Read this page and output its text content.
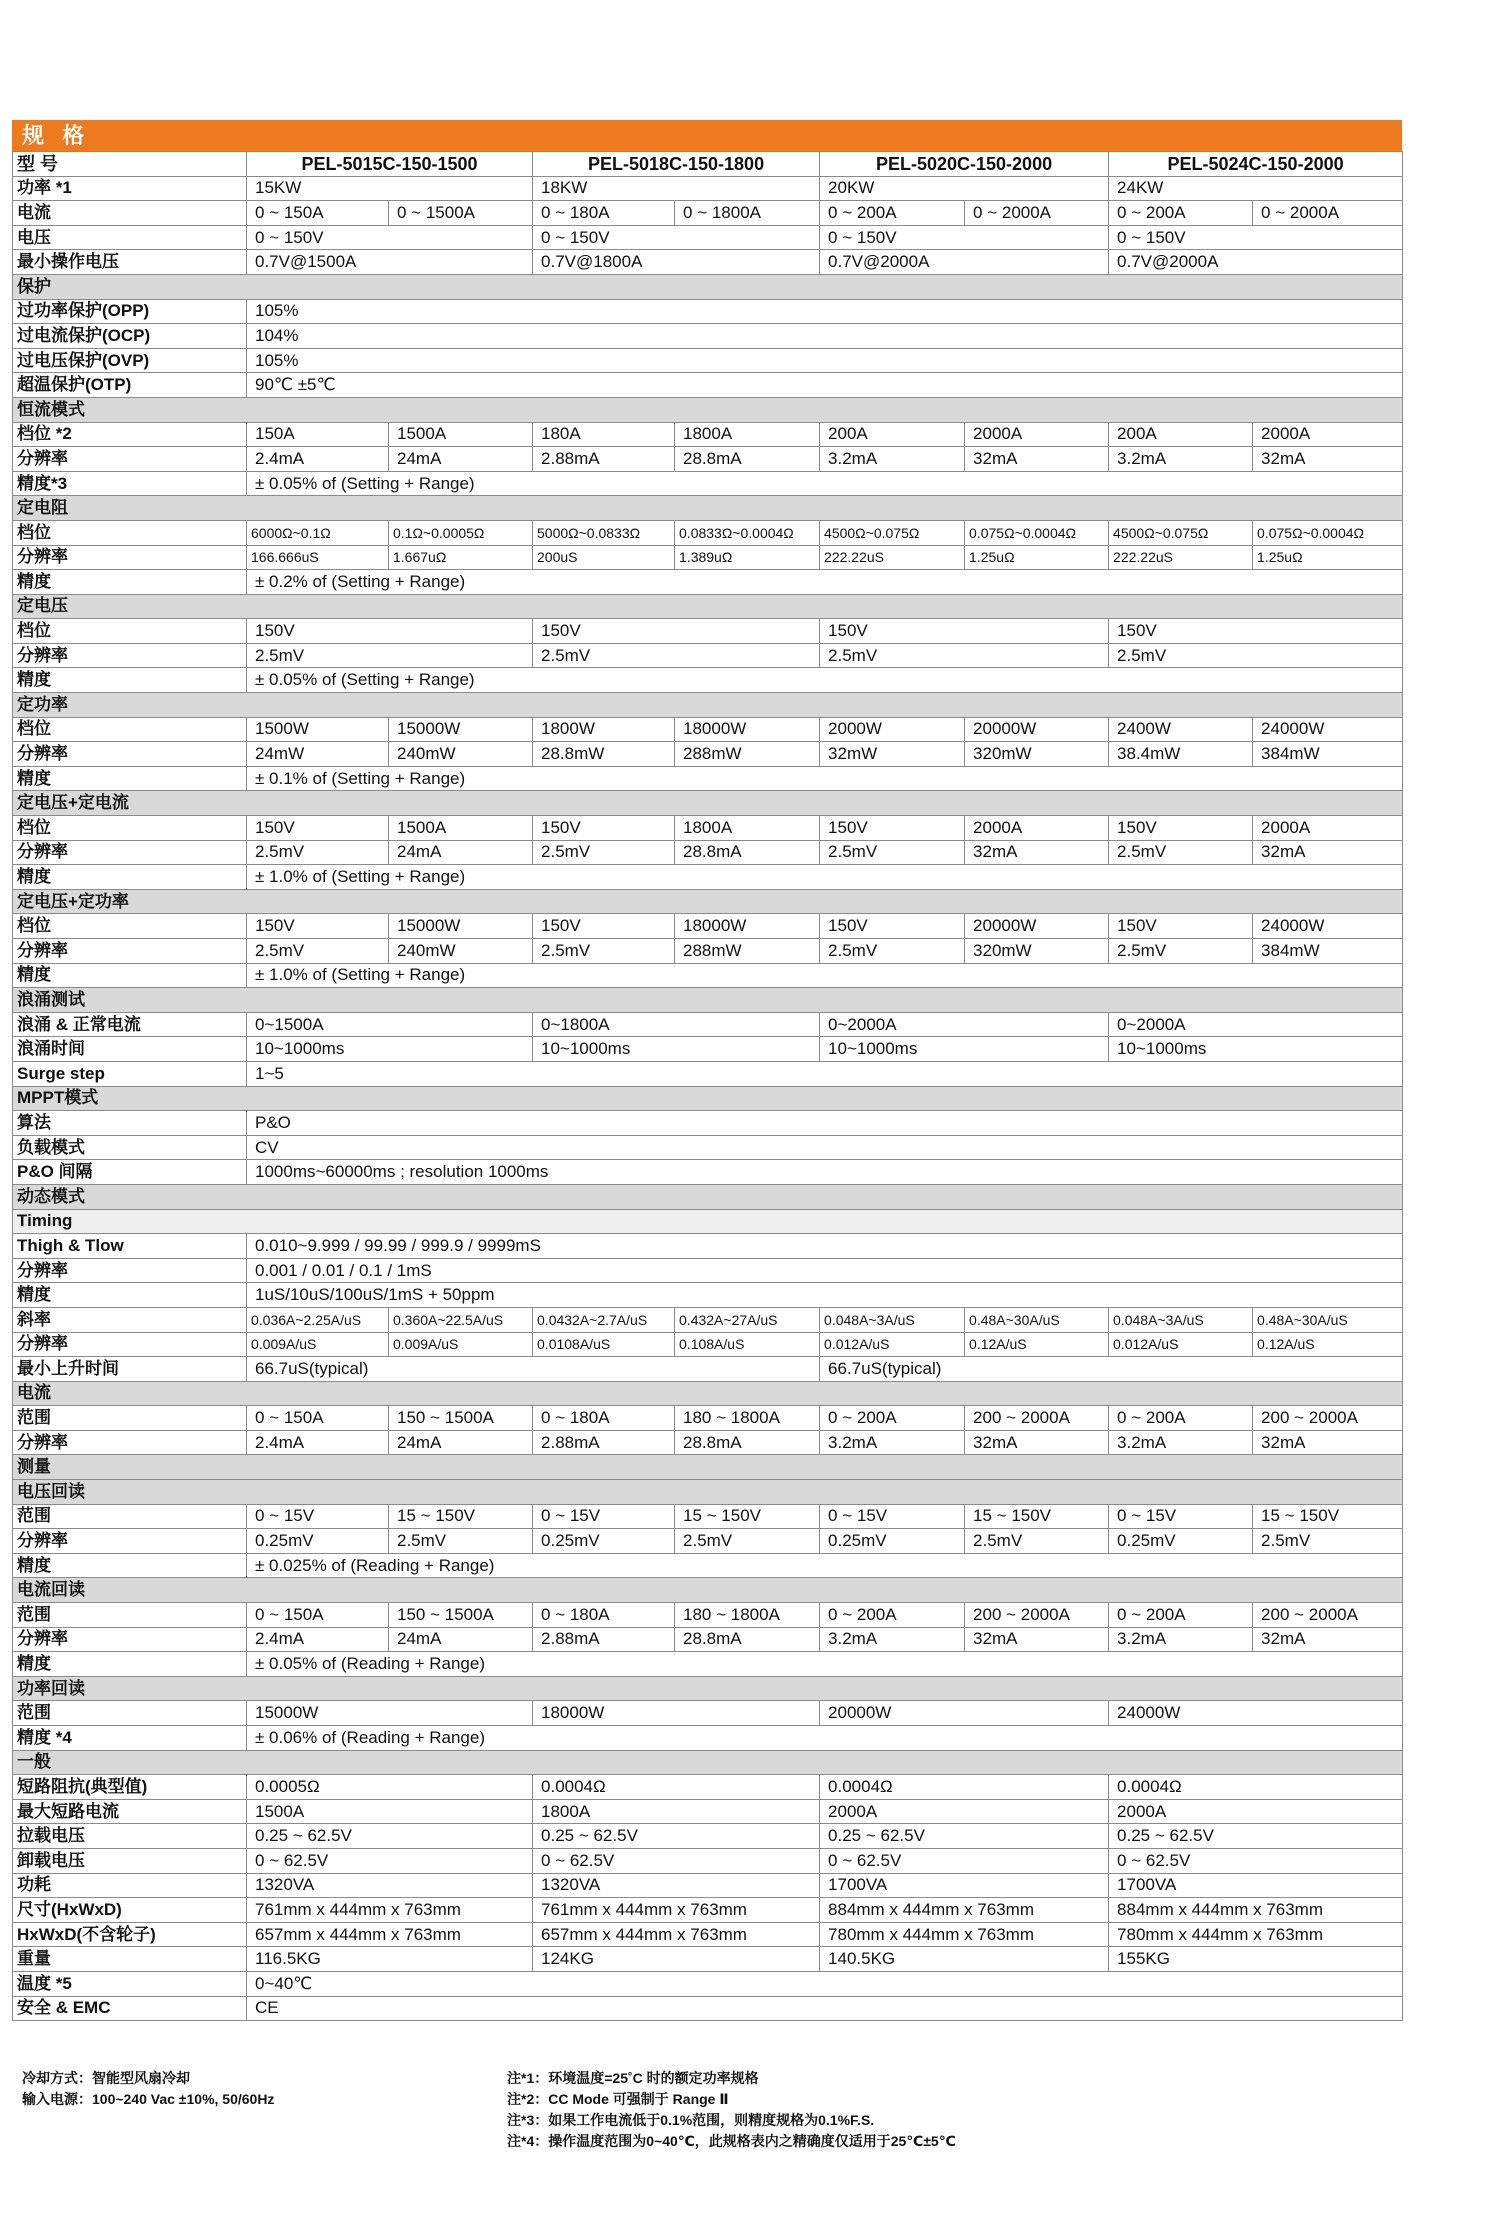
规 格
型 号	PEL-5015C-150-1500		PEL-5018C-150-1800		PEL-5020C-150-2000		PEL-5024C-150-2000	
功率 *1	15KW		18KW		20KW		24KW	
电流	0 ~ 150A	0 ~ 1500A	0 ~ 180A	0 ~ 1800A	0 ~ 200A	0 ~ 2000A	0 ~ 200A	0 ~ 2000A
电压	0 ~ 150V		0 ~ 150V		0 ~ 150V		0 ~ 150V	
最小操作电压	0.7V@1500A		0.7V@1800A		0.7V@2000A		0.7V@2000A	
保护								
过功率保护(OPP)	105%							
过电流保护(OCP)	104%							
过电压保护(OVP)	105%							
超温保护(OTP)	90℃ ±5℃							
恒流模式								
档位 *2	150A	1500A	180A	1800A	200A	2000A	200A	2000A
分辨率	2.4mA	24mA	2.88mA	28.8mA	3.2mA	32mA	3.2mA	32mA
精度*3	± 0.05% of (Setting + Range)							
定电阻								
档位	6000Ω~0.1Ω	0.1Ω~0.0005Ω	5000Ω~0.0833Ω	0.0833Ω~0.0004Ω	4500Ω~0.075Ω	0.075Ω~0.0004Ω	4500Ω~0.075Ω	0.075Ω~0.0004Ω
分辨率	166.666uS	1.667uΩ	200uS	1.389uΩ	222.22uS	1.25uΩ	222.22uS	1.25uΩ
精度	± 0.2% of (Setting + Range)							
定电压								
档位	150V		150V		150V		150V	
分辨率	2.5mV		2.5mV		2.5mV		2.5mV	
精度	± 0.05% of (Setting + Range)							
定功率								
档位	1500W	15000W	1800W	18000W	2000W	20000W	2400W	24000W
分辨率	24mW	240mW	28.8mW	288mW	32mW	320mW	38.4mW	384mW
精度	± 0.1% of (Setting + Range)							
定电压+定电流								
档位	150V	1500A	150V	1800A	150V	2000A	150V	2000A
分辨率	2.5mV	24mA	2.5mV	28.8mA	2.5mV	32mA	2.5mV	32mA
精度	± 1.0% of (Setting + Range)							
定电压+定功率								
档位	150V	15000W	150V	18000W	150V	20000W	150V	24000W
分辨率	2.5mV	240mW	2.5mV	288mW	2.5mV	320mW	2.5mV	384mW
精度	± 1.0% of (Setting + Range)							
浪涌测试								
浪涌 & 正常电流	0~1500A		0~1800A		0~2000A		0~2000A	
浪涌时间	10~1000ms		10~1000ms		10~1000ms		10~1000ms	
Surge step	1~5							
MPPT模式								
算法	P&O							
负载模式	CV							
P&O 间隔	1000ms~60000ms ; resolution 1000ms							
动态模式								
Timing								
Thigh & Tlow	0.010~9.999 / 99.99 / 999.9 / 9999mS							
分辨率	0.001 / 0.01 / 0.1 / 1mS							
精度	1uS/10uS/100uS/1mS + 50ppm							
斜率	0.036A~2.25A/uS	0.360A~22.5A/uS	0.0432A~2.7A/uS	0.432A~27A/uS	0.048A~3A/uS	0.48A~30A/uS	0.048A~3A/uS	0.48A~30A/uS
分辨率	0.009A/uS	0.009A/uS	0.0108A/uS	0.108A/uS	0.012A/uS	0.12A/uS	0.012A/uS	0.12A/uS
最小上升时间	66.7uS(typical)				66.7uS(typical)			
电流								
范围	0 ~ 150A	150 ~ 1500A	0 ~ 180A	180 ~ 1800A	0 ~ 200A	200 ~ 2000A	0 ~ 200A	200 ~ 2000A
分辨率	2.4mA	24mA	2.88mA	28.8mA	3.2mA	32mA	3.2mA	32mA
测量								
电压回读								
范围	0 ~ 15V	15 ~ 150V	0 ~ 15V	15 ~ 150V	0 ~ 15V	15 ~ 150V	0 ~ 15V	15 ~ 150V
分辨率	0.25mV	2.5mV	0.25mV	2.5mV	0.25mV	2.5mV	0.25mV	2.5mV
精度	± 0.025% of (Reading + Range)							
电流回读								
范围	0 ~ 150A	150 ~ 1500A	0 ~ 180A	180 ~ 1800A	0 ~ 200A	200 ~ 2000A	0 ~ 200A	200 ~ 2000A
分辨率	2.4mA	24mA	2.88mA	28.8mA	3.2mA	32mA	3.2mA	32mA
精度	± 0.05% of (Reading + Range)							
功率回读								
范围	15000W		18000W		20000W		24000W	
精度 *4	± 0.06% of (Reading + Range)							
一般								
短路阻抗(典型值)	0.0005Ω		0.0004Ω		0.0004Ω		0.0004Ω	
最大短路电流	1500A		1800A		2000A		2000A	
拉载电压	0.25 ~ 62.5V		0.25 ~ 62.5V		0.25 ~ 62.5V		0.25 ~ 62.5V	
卸载电压	0 ~ 62.5V		0 ~ 62.5V		0 ~ 62.5V		0 ~ 62.5V	
功耗	1320VA		1320VA		1700VA		1700VA	
尺寸(HxWxD)	761mm x 444mm x 763mm		761mm x 444mm x 763mm		884mm x 444mm x 763mm		884mm x 444mm x 763mm	
HxWxD(不含轮子)	657mm x 444mm x 763mm		657mm x 444mm x 763mm		780mm x 444mm x 763mm		780mm x 444mm x 763mm	
重量	116.5KG		124KG		140.5KG		155KG	
温度 *5	0~40℃							
安全 & EMC	CE							
冷却方式：智能型风扇冷却
输入电源：100~240 Vac ±10%, 50/60Hz
注*1：环境温度=25˚C 时的额定功率规格
注*2：CC Mode 可强制于 Range Ⅱ
注*3：如果工作电流低于0.1%范围，则精度规格为0.1%F.S.
注*4：操作温度范围为0~40℃，此规格表内之精确度仅适用于25℃±5℃
